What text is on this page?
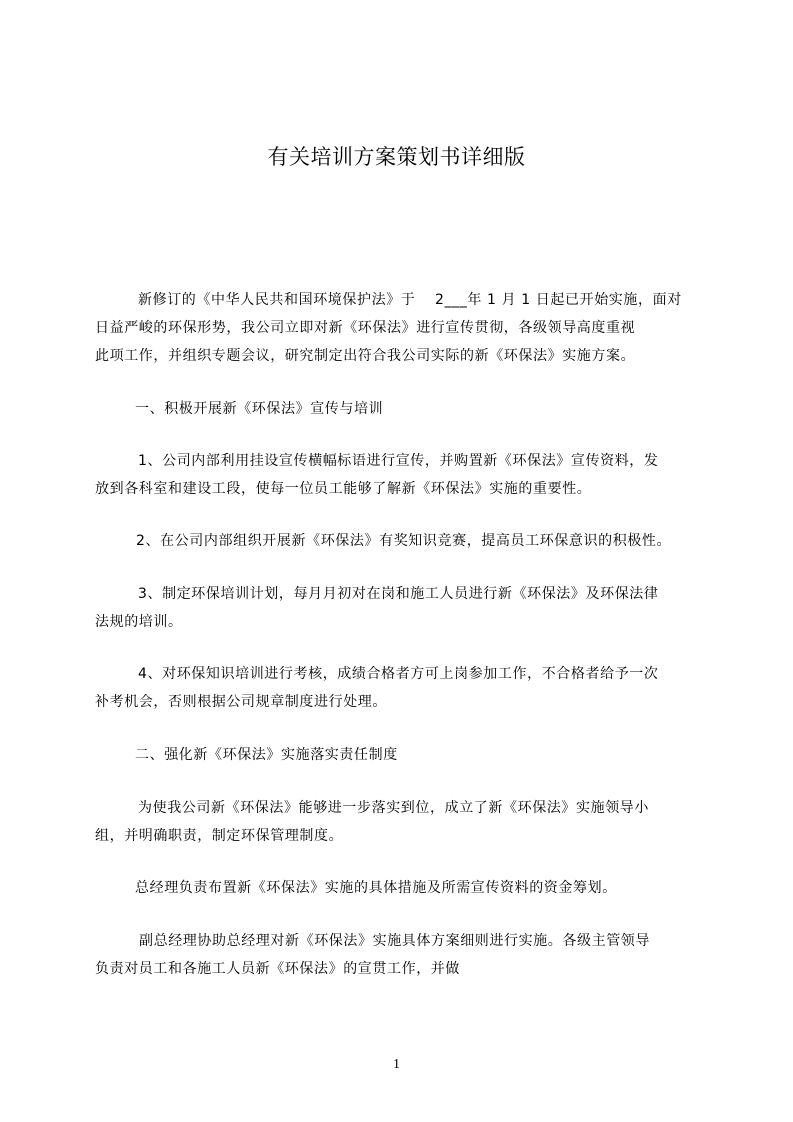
有关培训方案策划书详细版
新修订的《中华人民共和国环境保护法》于　 2___年 1 月 1 日起已开始实施，面对
日益严峻的环保形势，我公司立即对新《环保法》进行宣传贯彻，各级领导高度重视
此项工作，并组织专题会议，研究制定出符合我公司实际的新《环保法》实施方案。
一、积极开展新《环保法》宣传与培训
1、公司内部利用挂设宣传横幅标语进行宣传，并购置新《环保法》宣传资料，发
放到各科室和建设工段，使每一位员工能够了解新《环保法》实施的重要性。
2、在公司内部组织开展新《环保法》有奖知识竞赛，提高员工环保意识的积极性。
3、制定环保培训计划，每月月初对在岗和施工人员进行新《环保法》及环保法律
法规的培训。
4、对环保知识培训进行考核，成绩合格者方可上岗参加工作，不合格者给予一次
补考机会，否则根据公司规章制度进行处理。
二、强化新《环保法》实施落实责任制度
为使我公司新《环保法》能够进一步落实到位，成立了新《环保法》实施领导小
组，并明确职责，制定环保管理制度。
总经理负责布置新《环保法》实施的具体措施及所需宣传资料的资金筹划。
副总经理协助总经理对新《环保法》实施具体方案细则进行实施。各级主管领导
负责对员工和各施工人员新《环保法》的宣贯工作，并做
1
